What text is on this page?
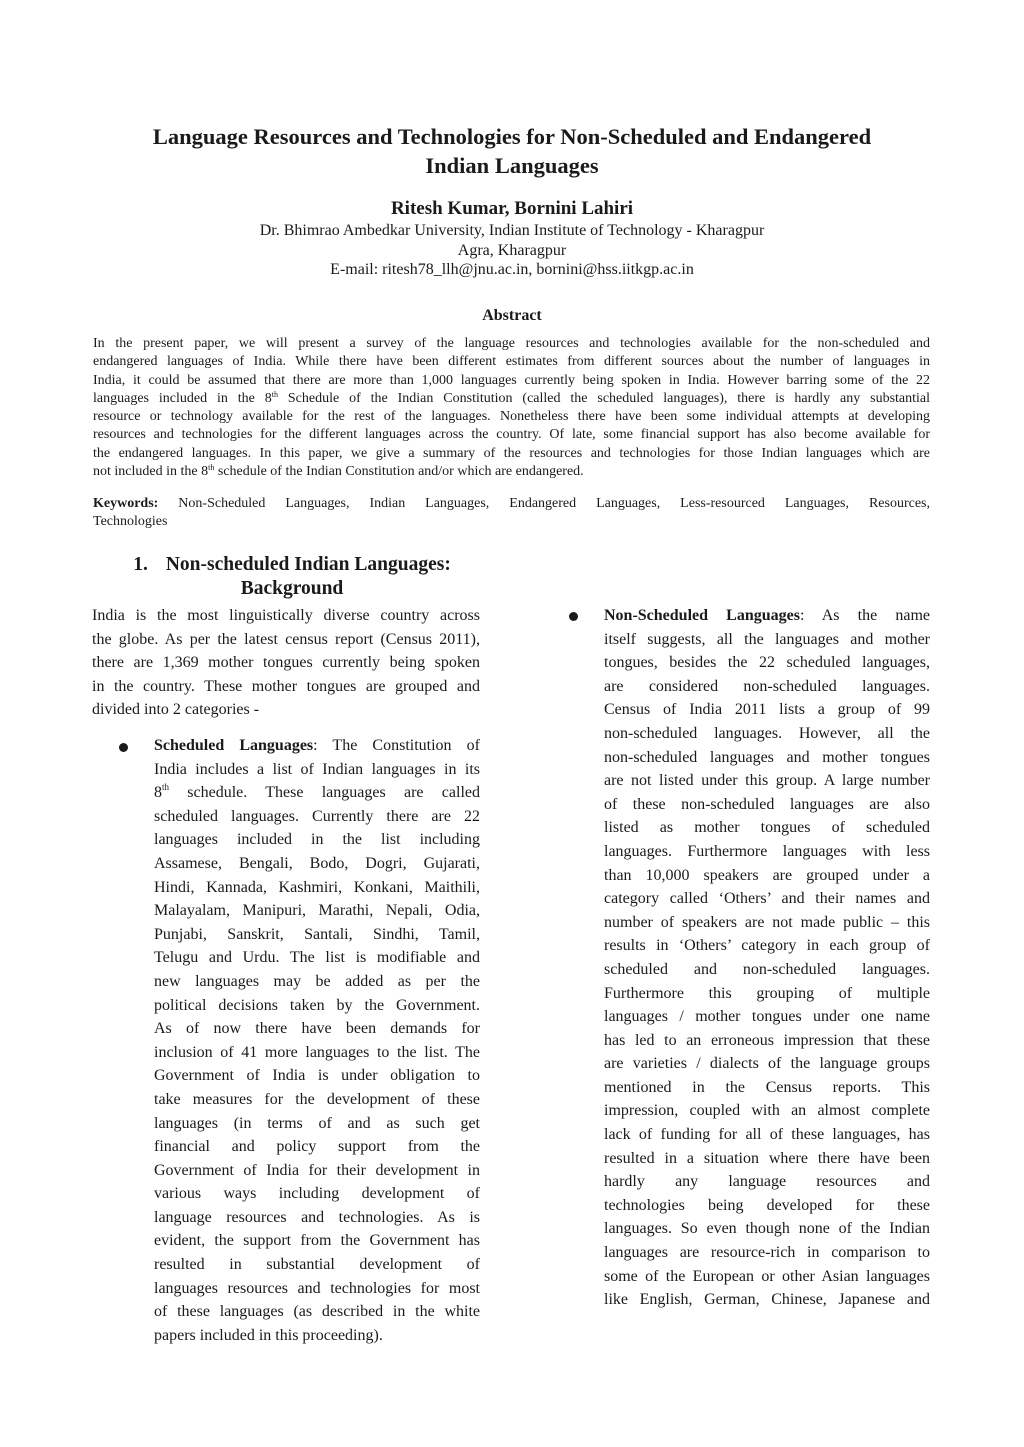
Language Resources and Technologies for Non-Scheduled and Endangered
Indian Languages
Ritesh Kumar, Bornini Lahiri
Dr. Bhimrao Ambedkar University, Indian Institute of Technology - Kharagpur
Agra, Kharagpur
E-mail: ritesh78_llh@jnu.ac.in, bornini@hss.iitkgp.ac.in
Abstract
In the present paper, we will present a survey of the language resources and technologies available for the non-scheduled and
endangered languages of India. While there have been different estimates from different sources about the number of languages in
India, it could be assumed that there are more than 1,000 languages currently being spoken in India. However barring some of the 22
languages included in the 8th Schedule of the Indian Constitution (called the scheduled languages), there is hardly any substantial
resource or technology available for the rest of the languages. Nonetheless there have been some individual attempts at developing
resources and technologies for the different languages across the country. Of late, some financial support has also become available for
the endangered languages. In this paper, we give a summary of the resources and technologies for those Indian languages which are
not included in the 8th schedule of the Indian Constitution and/or which are endangered.
Keywords: Non-Scheduled Languages, Indian Languages, Endangered Languages, Less-resourced Languages, Resources,
Technologies
1. Non-scheduled Indian Languages:
Background
India is the most linguistically diverse country across
the globe. As per the latest census report (Census 2011),
there are 1,369 mother tongues currently being spoken
in the country. These mother tongues are grouped and
divided into 2 categories -
Scheduled Languages: The Constitution of
India includes a list of Indian languages in its
8th schedule. These languages are called
scheduled languages. Currently there are 22
languages included in the list including
Assamese, Bengali, Bodo, Dogri, Gujarati,
Hindi, Kannada, Kashmiri, Konkani, Maithili,
Malayalam, Manipuri, Marathi, Nepali, Odia,
Punjabi, Sanskrit, Santali, Sindhi, Tamil,
Telugu and Urdu. The list is modifiable and
new languages may be added as per the
political decisions taken by the Government.
As of now there have been demands for
inclusion of 41 more languages to the list. The
Government of India is under obligation to
take measures for the development of these
languages (in terms of and as such get
financial and policy support from the
Government of India for their development in
various ways including development of
language resources and technologies. As is
evident, the support from the Government has
resulted in substantial development of
languages resources and technologies for most
of these languages (as described in the white
papers included in this proceeding).
Non-Scheduled Languages: As the name
itself suggests, all the languages and mother
tongues, besides the 22 scheduled languages,
are considered non-scheduled languages.
Census of India 2011 lists a group of 99
non-scheduled languages. However, all the
non-scheduled languages and mother tongues
are not listed under this group. A large number
of these non-scheduled languages are also
listed as mother tongues of scheduled
languages. Furthermore languages with less
than 10,000 speakers are grouped under a
category called ‘Others’ and their names and
number of speakers are not made public – this
results in ‘Others’ category in each group of
scheduled and non-scheduled languages.
Furthermore this grouping of multiple
languages / mother tongues under one name
has led to an erroneous impression that these
are varieties / dialects of the language groups
mentioned in the Census reports. This
impression, coupled with an almost complete
lack of funding for all of these languages, has
resulted in a situation where there have been
hardly any language resources and
technologies being developed for these
languages. So even though none of the Indian
languages are resource-rich in comparison to
some of the European or other Asian languages
like English, German, Chinese, Japanese and
